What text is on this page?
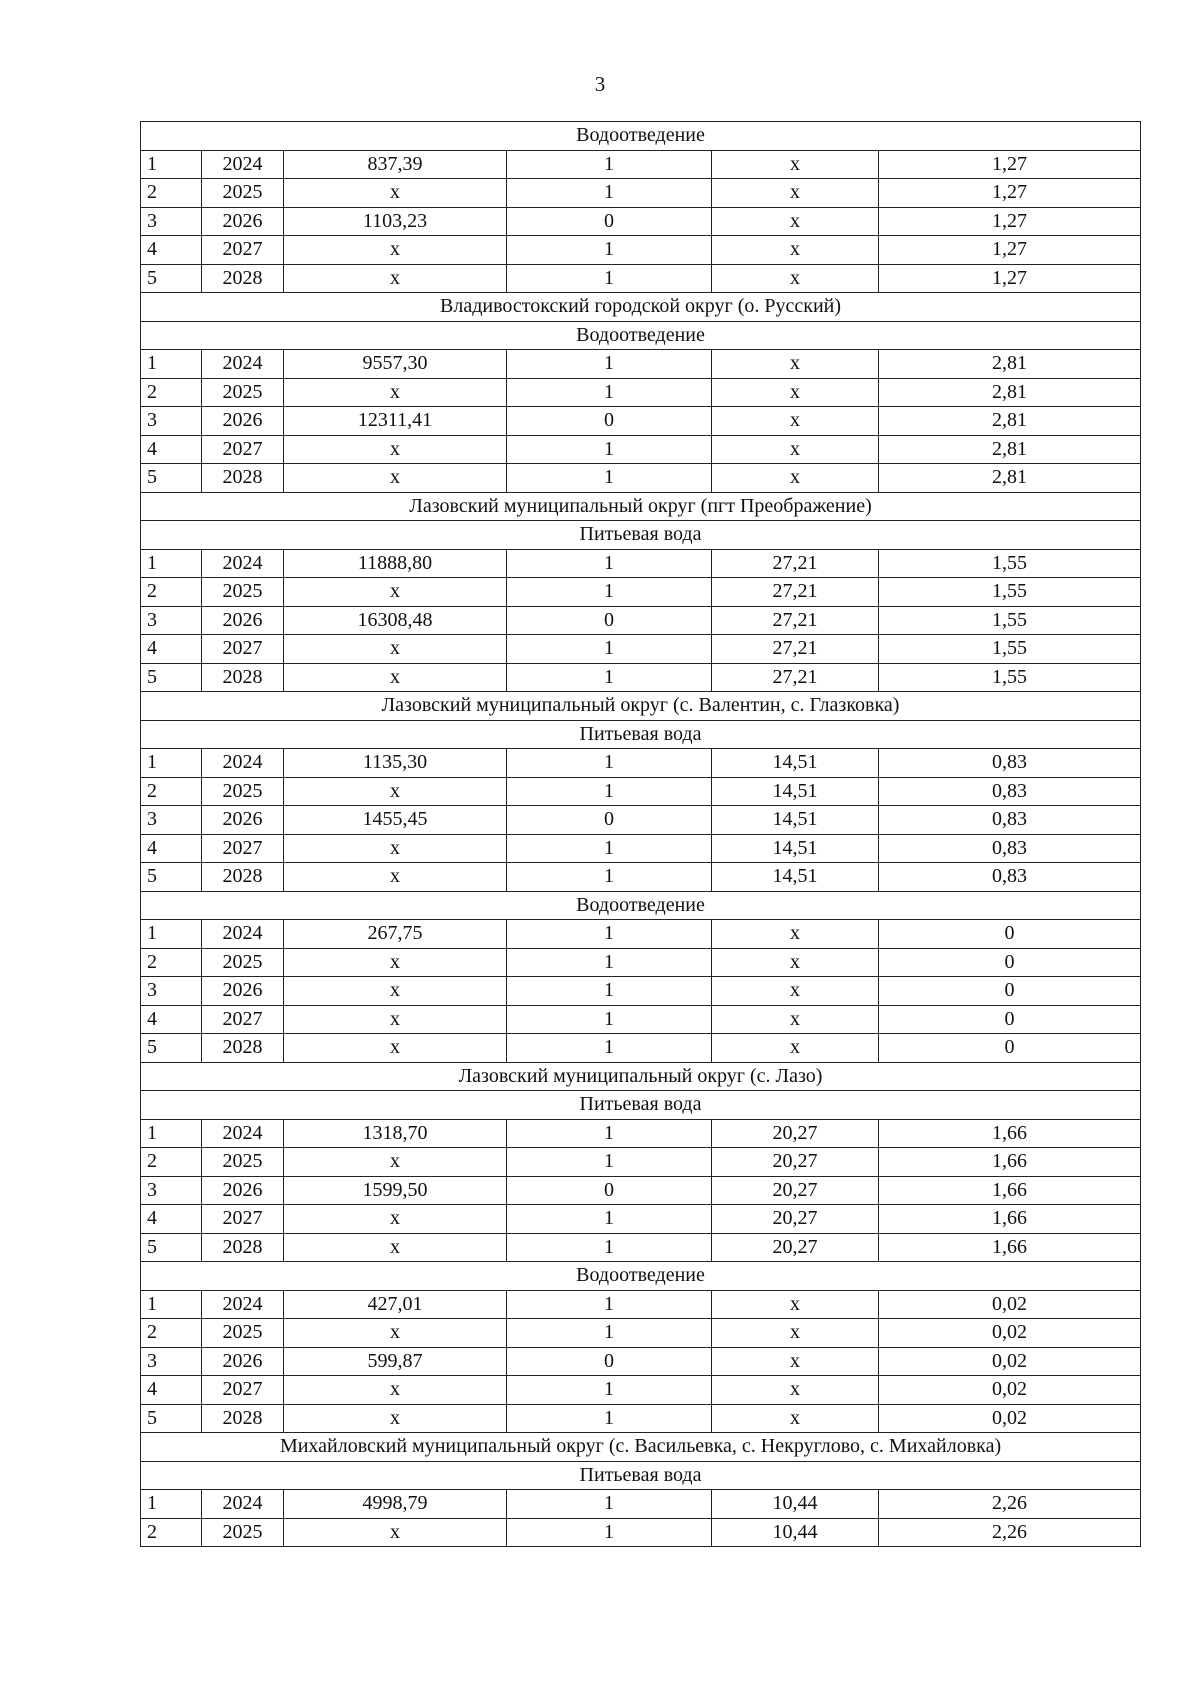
3
Водоотведение					
1	2024	837,39	1	х	1,27
2	2025	х	1	х	1,27
3	2026	1103,23	0	х	1,27
4	2027	х	1	х	1,27
5	2028	х	1	х	1,27
Владивостокский городской округ (о. Русский)					
Водоотведение					
1	2024	9557,30	1	х	2,81
2	2025	х	1	х	2,81
3	2026	12311,41	0	х	2,81
4	2027	х	1	х	2,81
5	2028	х	1	х	2,81
Лазовский муниципальный округ (пгт Преображение)					
Питьевая вода					
1	2024	11888,80	1	27,21	1,55
2	2025	х	1	27,21	1,55
3	2026	16308,48	0	27,21	1,55
4	2027	х	1	27,21	1,55
5	2028	х	1	27,21	1,55
Лазовский муниципальный округ (с. Валентин, с. Глазковка)					
Питьевая вода					
1	2024	1135,30	1	14,51	0,83
2	2025	х	1	14,51	0,83
3	2026	1455,45	0	14,51	0,83
4	2027	х	1	14,51	0,83
5	2028	х	1	14,51	0,83
Водоотведение					
1	2024	267,75	1	х	0
2	2025	х	1	х	0
3	2026	х	1	х	0
4	2027	х	1	х	0
5	2028	х	1	х	0
Лазовский муниципальный округ (с. Лазо)					
Питьевая вода					
1	2024	1318,70	1	20,27	1,66
2	2025	х	1	20,27	1,66
3	2026	1599,50	0	20,27	1,66
4	2027	х	1	20,27	1,66
5	2028	х	1	20,27	1,66
Водоотведение					
1	2024	427,01	1	х	0,02
2	2025	х	1	х	0,02
3	2026	599,87	0	х	0,02
4	2027	х	1	х	0,02
5	2028	х	1	х	0,02
Михайловский муниципальный округ (с. Васильевка, с. Некруглово, с. Михайловка)					
Питьевая вода					
1	2024	4998,79	1	10,44	2,26
2	2025	х	1	10,44	2,26
